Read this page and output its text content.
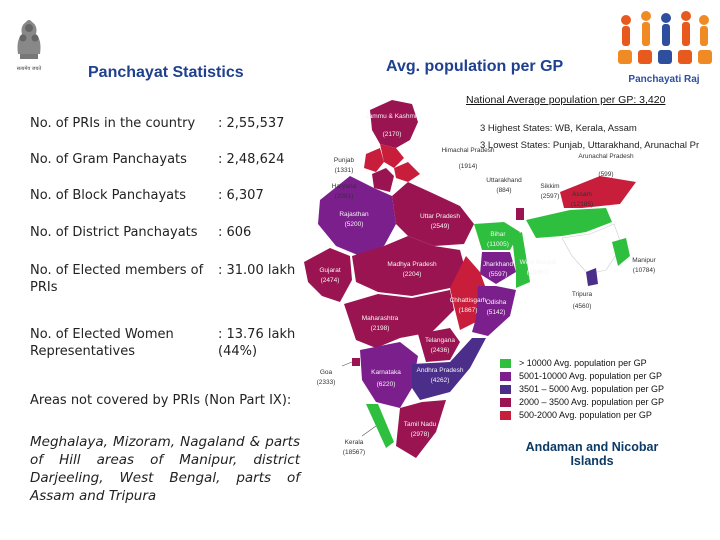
सत्यमेव जयते	Panchayat Statistics	Avg. population per GP
Panchayati Raj
National Average population per GP: 3,420
No. of PRIs in the country	: 2,55,537
No. of Gram Panchayats	: 2,48,624
No. of Block Panchayats	: 6,307
No. of District Panchayats	: 606
No. of Elected members of PRIs
: 31.00 lakh
No. of Elected Women Representatives
: 13.76 lakh (44%)
Areas not covered by PRIs (Non Part IX):
Meghalaya, Mizoram, Nagaland & parts of Hill areas of Manipur, district Darjeeling, West Bengal, parts of Assam and Tripura
3 Highest States: WB, Kerala, Assam
3 Lowest States: Punjab, Uttarakhand, Arunachal Pr
Jammu & Kashmir
(2170)
Himachal Pradesh
(1914)
Punjab
(1331)
Haryana
(2061)
Uttarakhand
(884)
Arunachal Pradesh
(599)
Sikkim
(2597) Assam
(12185)
Rajasthan
(5200)
Uttar Pradesh
(2549)
Bihar
(11005)
Jharkhand
(5597)
West Bengal
(18667)
Manipur
(10784)
Gujarat
(2474)
Madhya Pradesh
(2204)
Chhattisgarh
(1867)
Tripura
(4560)
Odisha
(5142)
Maharashtra
(2198)
Telangana
(2436)
Goa
(2333)
Andhra Pradesh
(4262)
Karnataka
(6220)
Kerala
(18567)
Tamil Nadu
(2978)
> 10000 Avg. population per GP
5001-10000 Avg. population per GP
3501 – 5000 Avg. population per GP
2000 – 3500 Avg. population per GP
500-2000 Avg. population per GP
Andaman and Nicobar Islands
